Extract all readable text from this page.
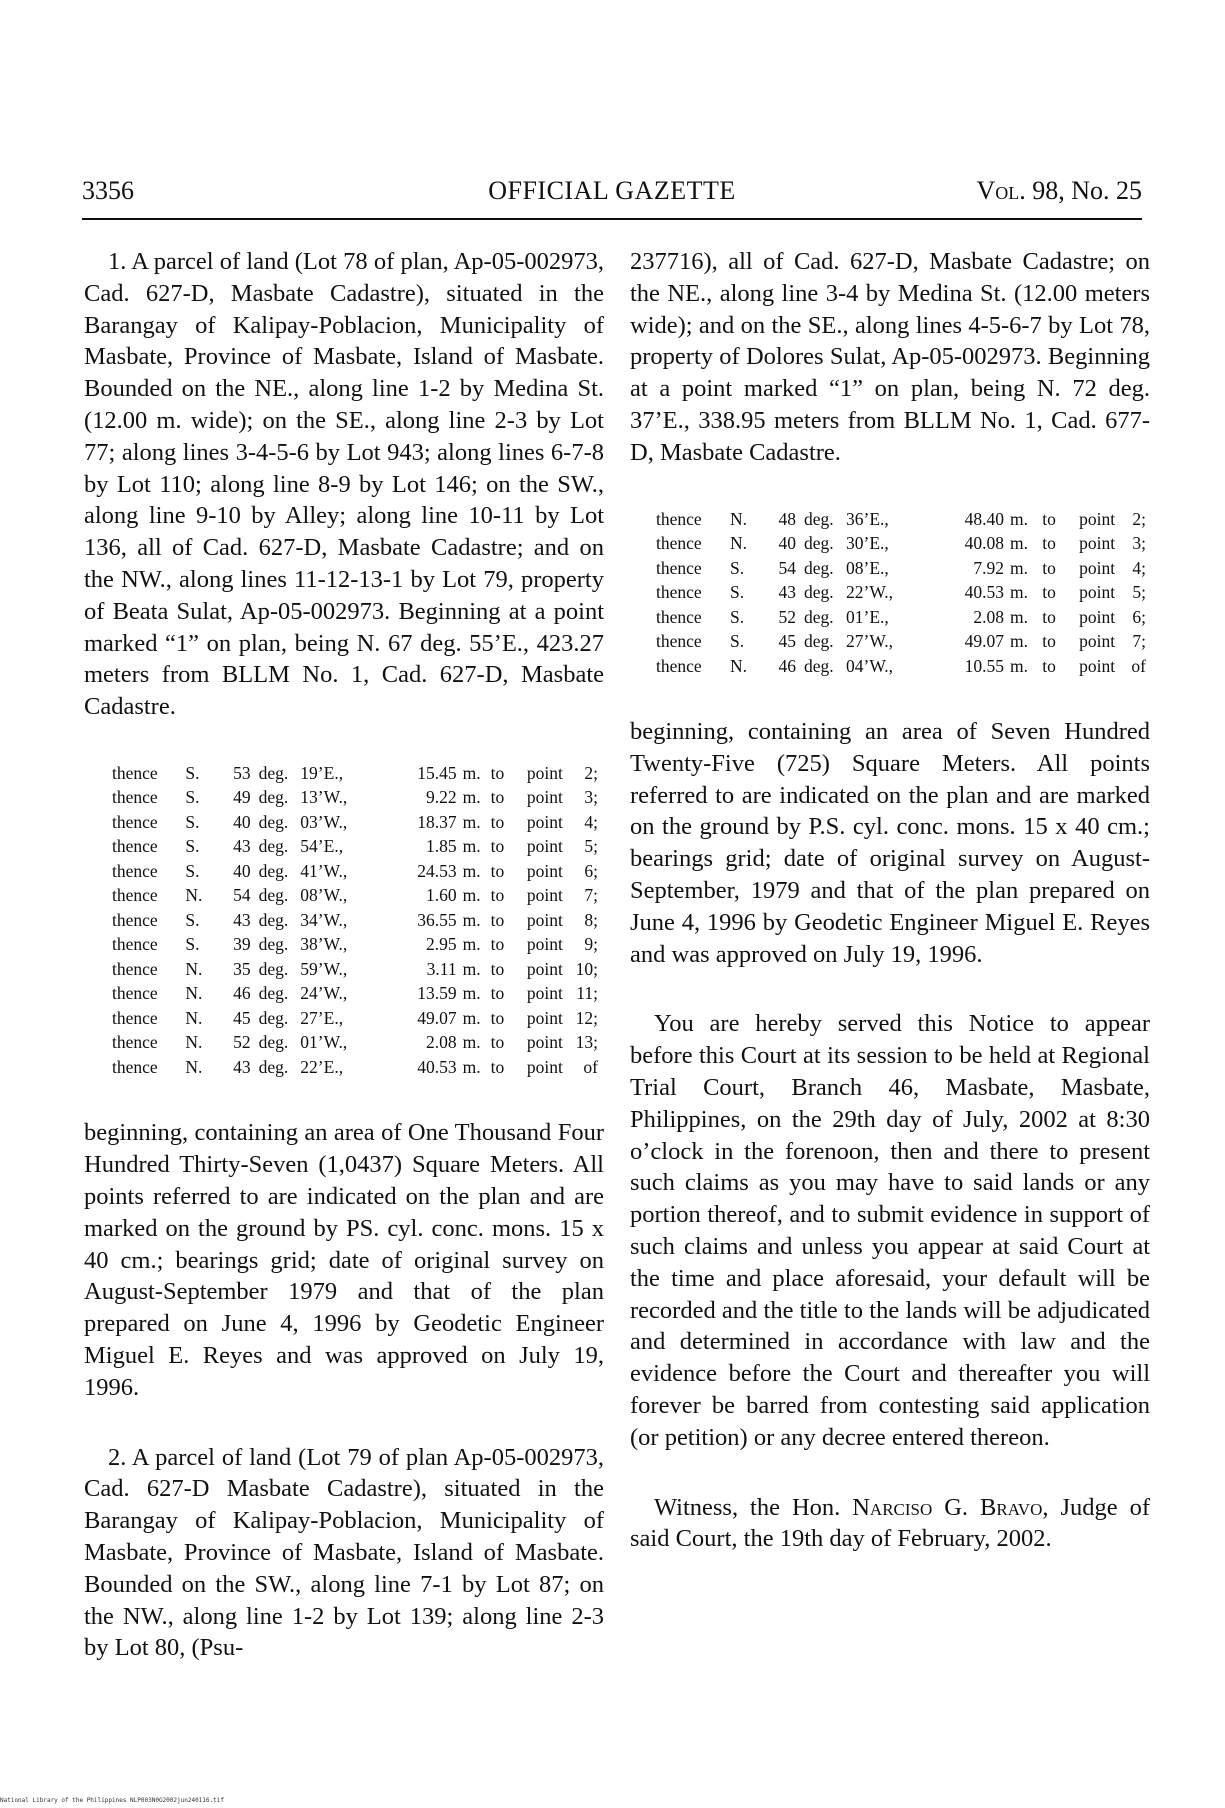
3356	OFFICIAL GAZETTE	Vol. 98, No. 25

1. A parcel of land (Lot 78 of plan, Ap-05-002973, Cad. 627-D, Masbate Cadastre), situated in the Barangay of Kalipay-Poblacion, Municipality of Masbate, Province of Masbate, Island of Masbate. Bounded on the NE., along line 1-2 by Medina St. (12.00 m. wide); on the SE., along line 2-3 by Lot 77; along lines 3-4-5-6 by Lot 943; along lines 6-7-8 by Lot 110; along line 8-9 by Lot 146; on the SW., along line 9-10 by Alley; along line 10-11 by Lot 136, all of Cad. 627-D, Masbate Cadastre; and on the NW., along lines 11-12-13-1 by Lot 79, property of Beata Sulat, Ap-05-002973. Beginning at a point marked “1” on plan, being N. 67 deg. 55’E., 423.27 meters from BLLM No. 1, Cad. 627-D, Masbate Cadastre.

thence	S.	53	deg.	19’E.,	15.45	m.	to	point	2;
thence	S.	49	deg.	13’W.,	9.22	m.	to	point	3;
thence	S.	40	deg.	03’W.,	18.37	m.	to	point	4;
thence	S.	43	deg.	54’E.,	1.85	m.	to	point	5;
thence	S.	40	deg.	41’W.,	24.53	m.	to	point	6;
thence	N.	54	deg.	08’W.,	1.60	m.	to	point	7;
thence	S.	43	deg.	34’W.,	36.55	m.	to	point	8;
thence	S.	39	deg.	38’W.,	2.95	m.	to	point	9;
thence	N.	35	deg.	59’W.,	3.11	m.	to	point	10;
thence	N.	46	deg.	24’W.,	13.59	m.	to	point	11;
thence	N.	45	deg.	27’E.,	49.07	m.	to	point	12;
thence	N.	52	deg.	01’W.,	2.08	m.	to	point	13;
thence	N.	43	deg.	22’E.,	40.53	m.	to	point	of

beginning, containing an area of One Thousand Four Hundred Thirty-Seven (1,0437) Square Meters. All points referred to are indicated on the plan and are marked on the ground by PS. cyl. conc. mons. 15 x 40 cm.; bearings grid; date of original survey on August-September 1979 and that of the plan prepared on June 4, 1996 by Geodetic Engineer Miguel E. Reyes and was approved on July 19, 1996.

2. A parcel of land (Lot 79 of plan Ap-05-002973, Cad. 627-D Masbate Cadastre), situated in the Barangay of Kalipay-Poblacion, Municipality of Masbate, Province of Masbate, Island of Masbate. Bounded on the SW., along line 7-1 by Lot 87; on the NW., along line 1-2 by Lot 139; along line 2-3 by Lot 80, (Psu-

237716), all of Cad. 627-D, Masbate Cadastre; on the NE., along line 3-4 by Medina St. (12.00 meters wide); and on the SE., along lines 4-5-6-7 by Lot 78, property of Dolores Sulat, Ap-05-002973. Beginning at a point marked “1” on plan, being N. 72 deg. 37’E., 338.95 meters from BLLM No. 1, Cad. 677-D, Masbate Cadastre.

thence	N.	48	deg.	36’E.,	48.40	m.	to	point	2;
thence	N.	40	deg.	30’E.,	40.08	m.	to	point	3;
thence	S.	54	deg.	08’E.,	7.92	m.	to	point	4;
thence	S.	43	deg.	22’W.,	40.53	m.	to	point	5;
thence	S.	52	deg.	01’E.,	2.08	m.	to	point	6;
thence	S.	45	deg.	27’W.,	49.07	m.	to	point	7;
thence	N.	46	deg.	04’W.,	10.55	m.	to	point	of

beginning, containing an area of Seven Hundred Twenty-Five (725) Square Meters. All points referred to are indicated on the plan and are marked on the ground by P.S. cyl. conc. mons. 15 x 40 cm.; bearings grid; date of original survey on August-September, 1979 and that of the plan prepared on June 4, 1996 by Geodetic Engineer Miguel E. Reyes and was approved on July 19, 1996.

You are hereby served this Notice to appear before this Court at its session to be held at Regional Trial Court, Branch 46, Masbate, Masbate, Philippines, on the 29th day of July, 2002 at 8:30 o’clock in the forenoon, then and there to present such claims as you may have to said lands or any portion thereof, and to submit evidence in support of such claims and unless you appear at said Court at the time and place aforesaid, your default will be recorded and the title to the lands will be adjudicated and determined in accordance with law and the evidence before the Court and thereafter you will forever be barred from contesting said application (or petition) or any decree entered thereon.

Witness, the Hon. Narciso G. Bravo, Judge of said Court, the 19th day of February, 2002.

National Library of the Philippines NLP003N0G2002jun240116.tif
